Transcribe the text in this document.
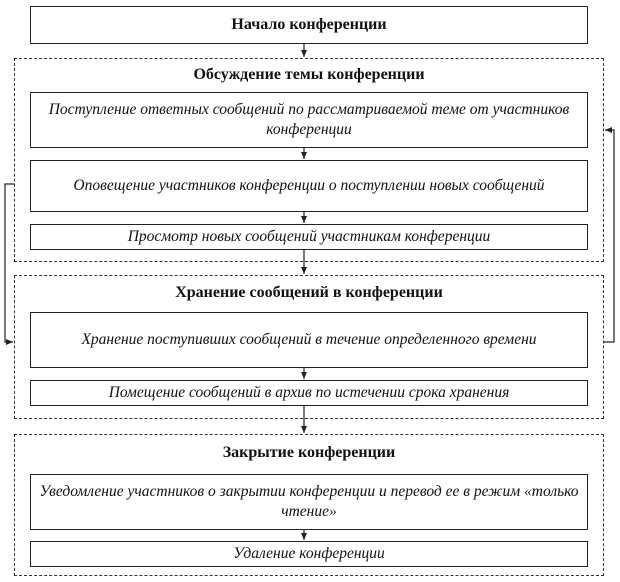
Начало конференции
Обсуждение темы конференции
Поступление ответных сообщений по рассматриваемой теме от участников конференции
Оповещение участников конференции о поступлении новых сообщений
Просмотр новых сообщений участникам конференции
Хранение сообщений в конференции
Хранение поступивших сообщений в течение определенного времени
Помещение сообщений в архив по истечении срока хранения
Закрытие конференции
Уведомление участников о закрытии конференции и перевод ее в режим «только чтение»
Удаление конференции
